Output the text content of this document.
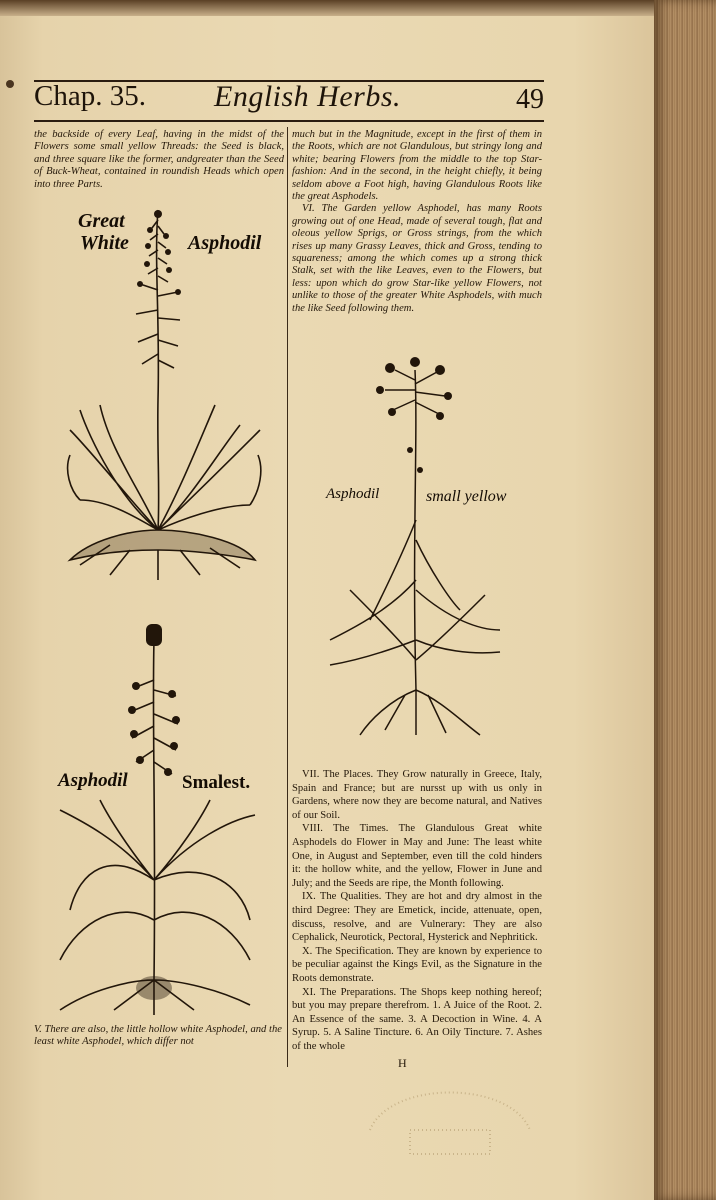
Chap. 35. English Herbs.	49
the backside of every Leaf, having in the midst of the Flowers some small yellow Threads: the Seed is black, and three square like the former, andgreater than the Seed of Buck-Wheat, contained in roundish Heads which open into three Parts.

much but in the Magnitude, except in the first of them in the Roots, which are not Glandulous, but stringy long and white; bearing Flowers from the middle to the top Star-fashion: And in the second, in the height chiefly, it being seldom above a Foot high, having Glandulous Roots like the great Asphodels.

VI. The Garden yellow Asphodel, has many Roots growing out of one Head, made of several tough, flat and oleous yellow Sprigs, or Gross strings, from the which rises up many Grassy Leaves, thick and Gross, tending to squareness; among the which comes up a strong thick Stalk, set with the like Leaves, even to the Flowers, but less: upon which do grow Star-like yellow Flowers, not unlike to those of the greater White Asphodels, with much the like Seed following them.

Great
White	Asphodil
Asphodil	small yellow
Asphodil	Smalest.
V. There are also, the little hollow white Asphodel, and the least white Asphodel, which differ not

VII. The Places. They Grow naturally in Greece, Italy, Spain and France; but are nursst up with us only in Gardens, where now they are become natural, and Natives of our Soil.

VIII. The Times. The Glandulous Great white Asphodels do Flower in May and June: The least white One, in August and September, even till the cold hinders it: the hollow white, and the yellow, Flower in June and July; and the Seeds are ripe, the Month following.

IX. The Qualities. They are hot and dry almost in the third Degree: They are Emetick, incide, attenuate, open, discuss, resolve, and are Vulnerary: They are also Cephalick, Neurotick, Pectoral, Hysterick and Nephritick.

X. The Specification. They are known by experience to be peculiar against the Kings Evil, as the Signature in the Roots demonstrate.

XI. The Preparations. The Shops keep nothing hereof; but you may prepare therefrom. 1. A Juice of the Root. 2. An Essence of the same. 3. A Decoction in Wine. 4. A Syrup. 5. A Saline Tincture. 6. An Oily Tincture. 7. Ashes of the whole

H
